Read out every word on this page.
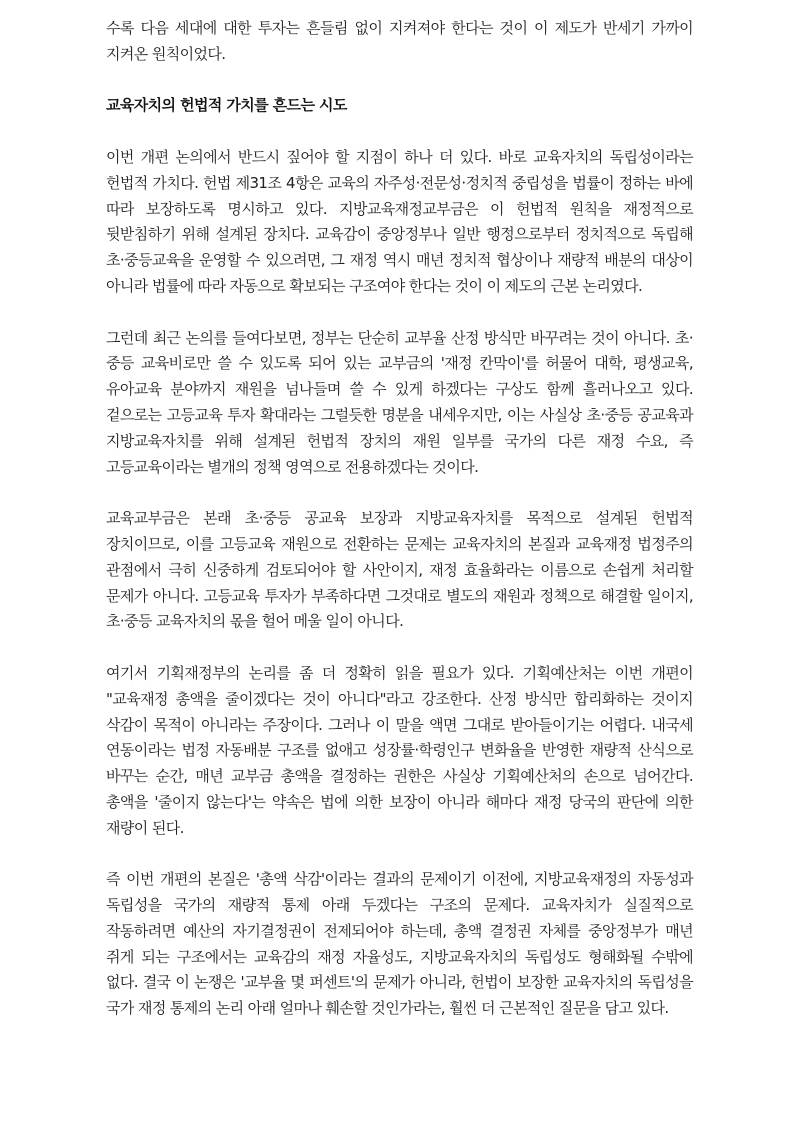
수록 다음 세대에 대한 투자는 흔들림 없이 지켜져야 한다는 것이 이 제도가 반세기 가까이 지켜온 원칙이었다.

교육자치의 헌법적 가치를 흔드는 시도

이번 개편 논의에서 반드시 짚어야 할 지점이 하나 더 있다. 바로 교육자치의 독립성이라는 헌법적 가치다. 헌법 제31조 4항은 교육의 자주성·전문성·정치적 중립성을 법률이 정하는 바에 따라 보장하도록 명시하고 있다. 지방교육재정교부금은 이 헌법적 원칙을 재정적으로 뒷받침하기 위해 설계된 장치다. 교육감이 중앙정부나 일반 행정으로부터 정치적으로 독립해 초·중등교육을 운영할 수 있으려면, 그 재정 역시 매년 정치적 협상이나 재량적 배분의 대상이 아니라 법률에 따라 자동으로 확보되는 구조여야 한다는 것이 이 제도의 근본 논리였다.

그런데 최근 논의를 들여다보면, 정부는 단순히 교부율 산정 방식만 바꾸려는 것이 아니다. 초·중등 교육비로만 쓸 수 있도록 되어 있는 교부금의 '재정 칸막이'를 허물어 대학, 평생교육, 유아교육 분야까지 재원을 넘나들며 쓸 수 있게 하겠다는 구상도 함께 흘러나오고 있다. 겉으로는 고등교육 투자 확대라는 그럴듯한 명분을 내세우지만, 이는 사실상 초·중등 공교육과 지방교육자치를 위해 설계된 헌법적 장치의 재원 일부를 국가의 다른 재정 수요, 즉 고등교육이라는 별개의 정책 영역으로 전용하겠다는 것이다.

교육교부금은 본래 초·중등 공교육 보장과 지방교육자치를 목적으로 설계된 헌법적 장치이므로, 이를 고등교육 재원으로 전환하는 문제는 교육자치의 본질과 교육재정 법정주의 관점에서 극히 신중하게 검토되어야 할 사안이지, 재정 효율화라는 이름으로 손쉽게 처리할 문제가 아니다. 고등교육 투자가 부족하다면 그것대로 별도의 재원과 정책으로 해결할 일이지, 초·중등 교육자치의 몫을 헐어 메울 일이 아니다.

여기서 기획재정부의 논리를 좀 더 정확히 읽을 필요가 있다. 기획예산처는 이번 개편이 "교육재정 총액을 줄이겠다는 것이 아니다"라고 강조한다. 산정 방식만 합리화하는 것이지 삭감이 목적이 아니라는 주장이다. 그러나 이 말을 액면 그대로 받아들이기는 어렵다. 내국세 연동이라는 법정 자동배분 구조를 없애고 성장률·학령인구 변화율을 반영한 재량적 산식으로 바꾸는 순간, 매년 교부금 총액을 결정하는 권한은 사실상 기획예산처의 손으로 넘어간다. 총액을 '줄이지 않는다'는 약속은 법에 의한 보장이 아니라 해마다 재정 당국의 판단에 의한 재량이 된다.

즉 이번 개편의 본질은 '총액 삭감'이라는 결과의 문제이기 이전에, 지방교육재정의 자동성과 독립성을 국가의 재량적 통제 아래 두겠다는 구조의 문제다. 교육자치가 실질적으로 작동하려면 예산의 자기결정권이 전제되어야 하는데, 총액 결정권 자체를 중앙정부가 매년 쥐게 되는 구조에서는 교육감의 재정 자율성도, 지방교육자치의 독립성도 형해화될 수밖에 없다. 결국 이 논쟁은 '교부율 몇 퍼센트'의 문제가 아니라, 헌법이 보장한 교육자치의 독립성을 국가 재정 통제의 논리 아래 얼마나 훼손할 것인가라는, 훨씬 더 근본적인 질문을 담고 있다.
